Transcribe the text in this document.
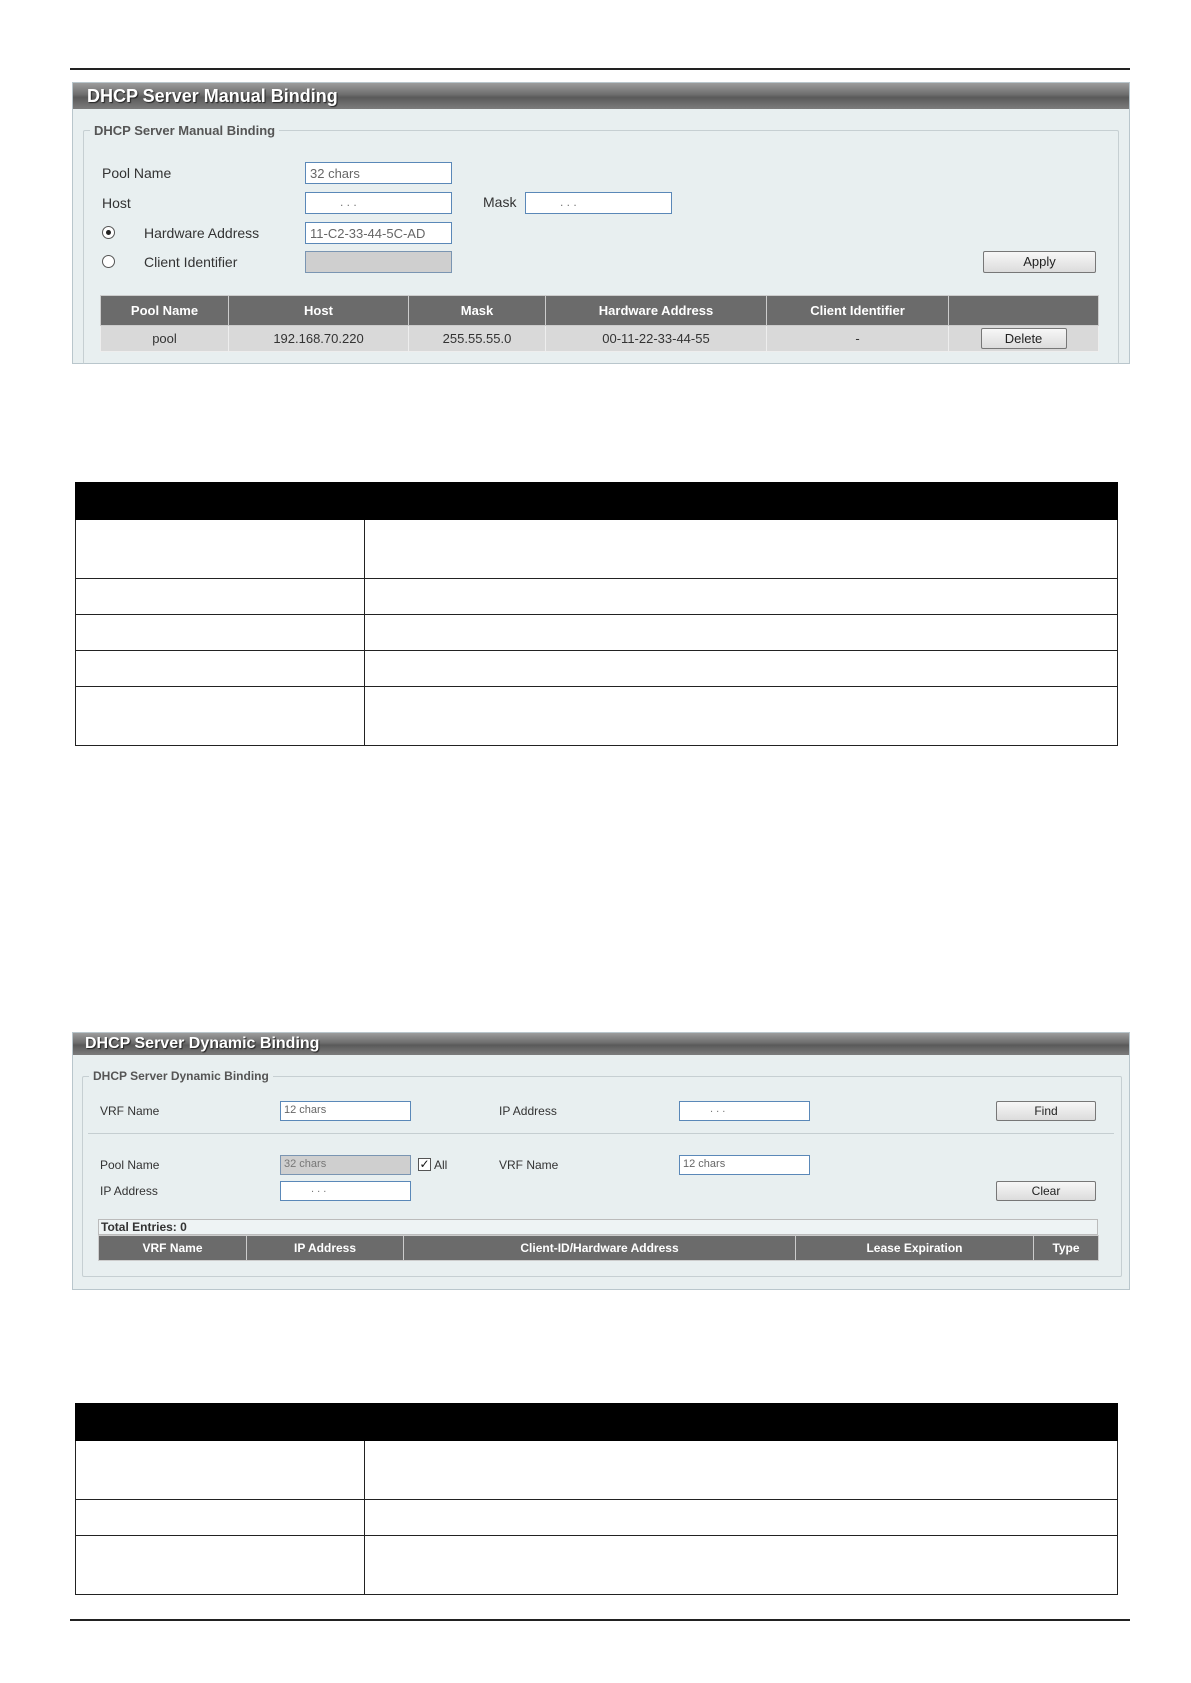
DHCP Server Manual Binding
DHCP Server Manual Binding
Pool Name	32 chars
Host	. . .	Mask	. . .
Hardware Address	11-C2-33-44-5C-AD
Client Identifier	Apply
Pool Name	Host	Mask	Hardware Address	Client Identifier	
pool	192.168.70.220	255.55.55.0	00-11-22-33-44-55	-	Delete

DHCP Server Dynamic Binding
DHCP Server Dynamic Binding
VRF Name	12 chars	IP Address	. . .	Find
Pool Name	32 chars	✓ All	VRF Name	12 chars
IP Address	. . .	Clear
Total Entries: 0
VRF Name	IP Address	Client-ID/Hardware Address	Lease Expiration	Type
